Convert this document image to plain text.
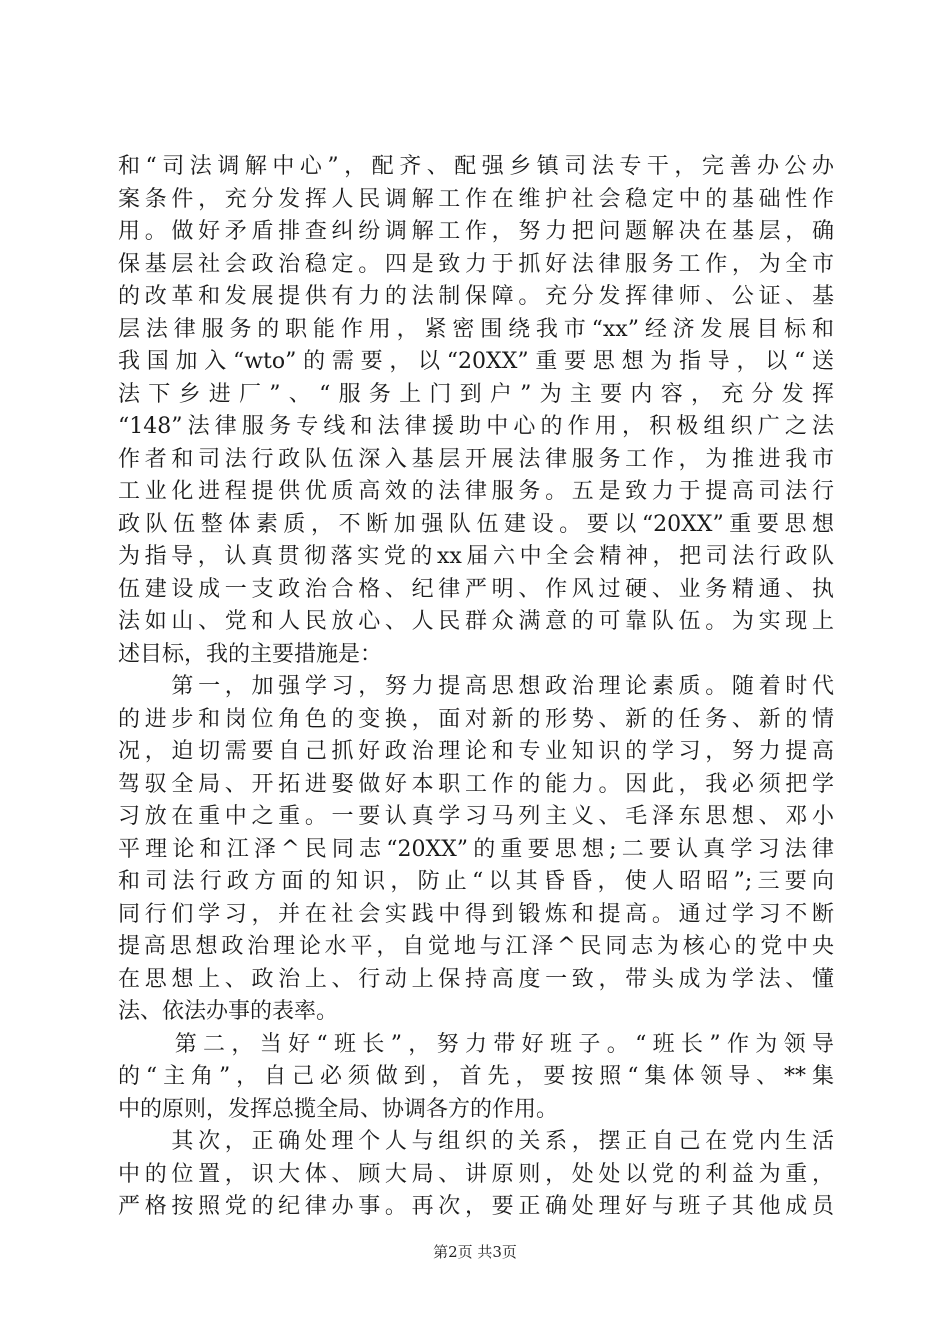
和“司法调解中心”，配齐、配强乡镇司法专干，完善办公办
案条件，充分发挥人民调解工作在维护社会稳定中的基础性作
用。做好矛盾排查纠纷调解工作，努力把问题解决在基层，确
保基层社会政治稳定。四是致力于抓好法律服务工作，为全市
的改革和发展提供有力的法制保障。充分发挥律师、公证、基
层法律服务的职能作用，紧密围绕我市“xx”经济发展目标和
我国加入“wto”的需要，以“20XX”重要思想为指导，以“送
法下乡进厂”、“服务上门到户”为主要内容，充分发挥
“148”法律服务专线和法律援助中心的作用，积极组织广之法
作者和司法行政队伍深入基层开展法律服务工作，为推进我市
工业化进程提供优质高效的法律服务。五是致力于提高司法行
政队伍整体素质，不断加强队伍建设。要以“20XX”重要思想
为指导，认真贯彻落实党的xx届六中全会精神，把司法行政队
伍建设成一支政治合格、纪律严明、作风过硬、业务精通、执
法如山、党和人民放心、人民群众满意的可靠队伍。为实现上
述目标，我的主要措施是：
　　第一，加强学习，努力提高思想政治理论素质。随着时代
的进步和岗位角色的变换，面对新的形势、新的任务、新的情
况，迫切需要自己抓好政治理论和专业知识的学习，努力提高
驾驭全局、开拓进娶做好本职工作的能力。因此，我必须把学
习放在重中之重。一要认真学习马列主义、毛泽东思想、邓小
平理论和江泽^民同志“20XX”的重要思想;二要认真学习法律
和司法行政方面的知识，防止“以其昏昏，使人昭昭”;三要向
同行们学习，并在社会实践中得到锻炼和提高。通过学习不断
提高思想政治理论水平，自觉地与江泽^民同志为核心的党中央
在思想上、政治上、行动上保持高度一致，带头成为学法、懂
法、依法办事的表率。
　　第二，当好“班长”，努力带好班子。“班长”作为领导
的“主角”，自己必须做到，首先，要按照“集体领导、**集
中的原则，发挥总揽全局、协调各方的作用。
　　其次，正确处理个人与组织的关系，摆正自己在党内生活
中的位置，识大体、顾大局、讲原则，处处以党的利益为重，
严格按照党的纪律办事。再次，要正确处理好与班子其他成员
第2页 共3页
